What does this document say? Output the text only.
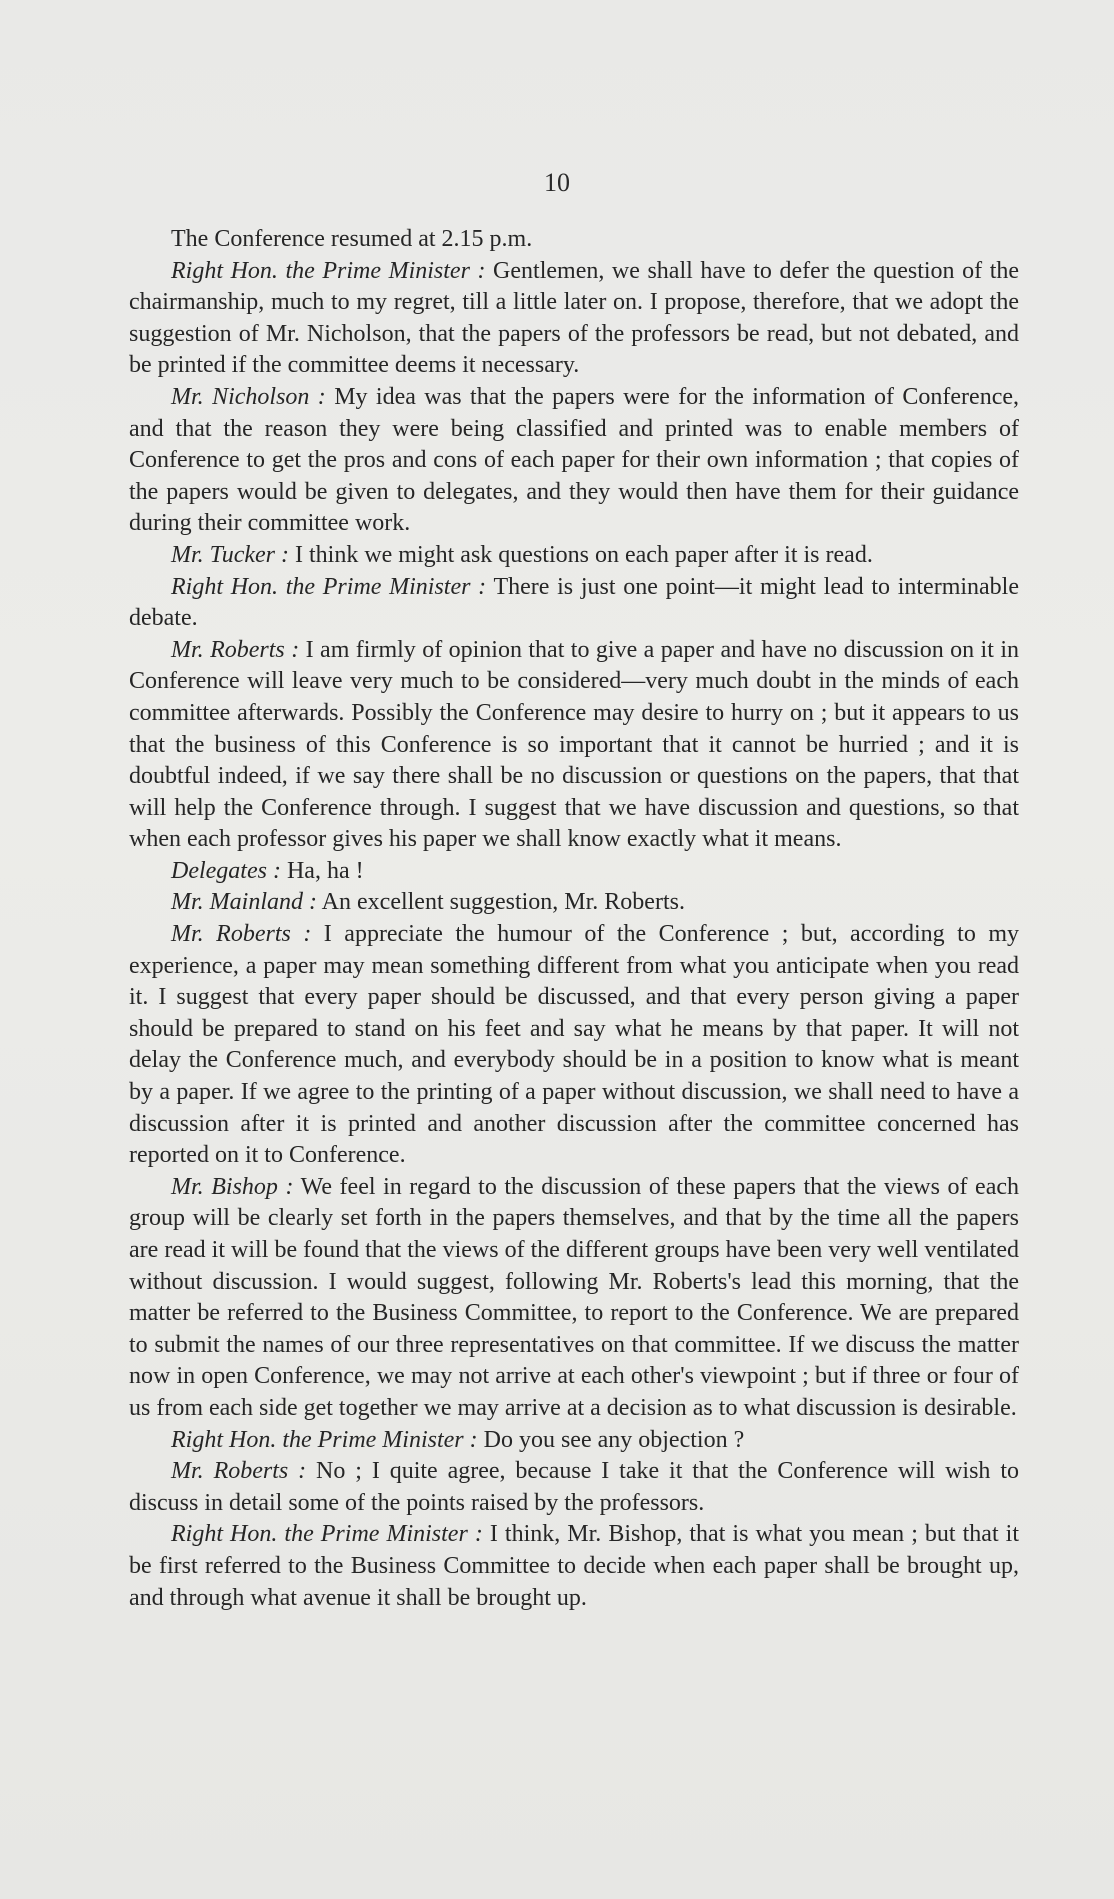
10

The Conference resumed at 2.15 p.m.

Right Hon. the Prime Minister : Gentlemen, we shall have to defer the question of the chairmanship, much to my regret, till a little later on. I propose, therefore, that we adopt the suggestion of Mr. Nicholson, that the papers of the professors be read, but not debated, and be printed if the committee deems it necessary.

Mr. Nicholson : My idea was that the papers were for the information of Conference, and that the reason they were being classified and printed was to enable members of Conference to get the pros and cons of each paper for their own information ; that copies of the papers would be given to delegates, and they would then have them for their guidance during their committee work.

Mr. Tucker : I think we might ask questions on each paper after it is read.

Right Hon. the Prime Minister : There is just one point—it might lead to interminable debate.

Mr. Roberts : I am firmly of opinion that to give a paper and have no discussion on it in Conference will leave very much to be considered—very much doubt in the minds of each committee afterwards. Possibly the Conference may desire to hurry on ; but it appears to us that the business of this Conference is so important that it cannot be hurried ; and it is doubtful indeed, if we say there shall be no discussion or questions on the papers, that that will help the Conference through. I suggest that we have discussion and questions, so that when each professor gives his paper we shall know exactly what it means.

Delegates : Ha, ha !

Mr. Mainland : An excellent suggestion, Mr. Roberts.

Mr. Roberts : I appreciate the humour of the Conference ; but, according to my experience, a paper may mean something different from what you anticipate when you read it. I suggest that every paper should be discussed, and that every person giving a paper should be prepared to stand on his feet and say what he means by that paper. It will not delay the Conference much, and everybody should be in a position to know what is meant by a paper. If we agree to the printing of a paper without discussion, we shall need to have a discussion after it is printed and another discussion after the committee concerned has reported on it to Conference.

Mr. Bishop : We feel in regard to the discussion of these papers that the views of each group will be clearly set forth in the papers themselves, and that by the time all the papers are read it will be found that the views of the different groups have been very well ventilated without discussion. I would suggest, following Mr. Roberts's lead this morning, that the matter be referred to the Business Committee, to report to the Conference. We are prepared to submit the names of our three representatives on that committee. If we discuss the matter now in open Conference, we may not arrive at each other's viewpoint ; but if three or four of us from each side get together we may arrive at a decision as to what discussion is desirable.

Right Hon. the Prime Minister : Do you see any objection ?

Mr. Roberts : No ; I quite agree, because I take it that the Conference will wish to discuss in detail some of the points raised by the professors.

Right Hon. the Prime Minister : I think, Mr. Bishop, that is what you mean ; but that it be first referred to the Business Committee to decide when each paper shall be brought up, and through what avenue it shall be brought up.
